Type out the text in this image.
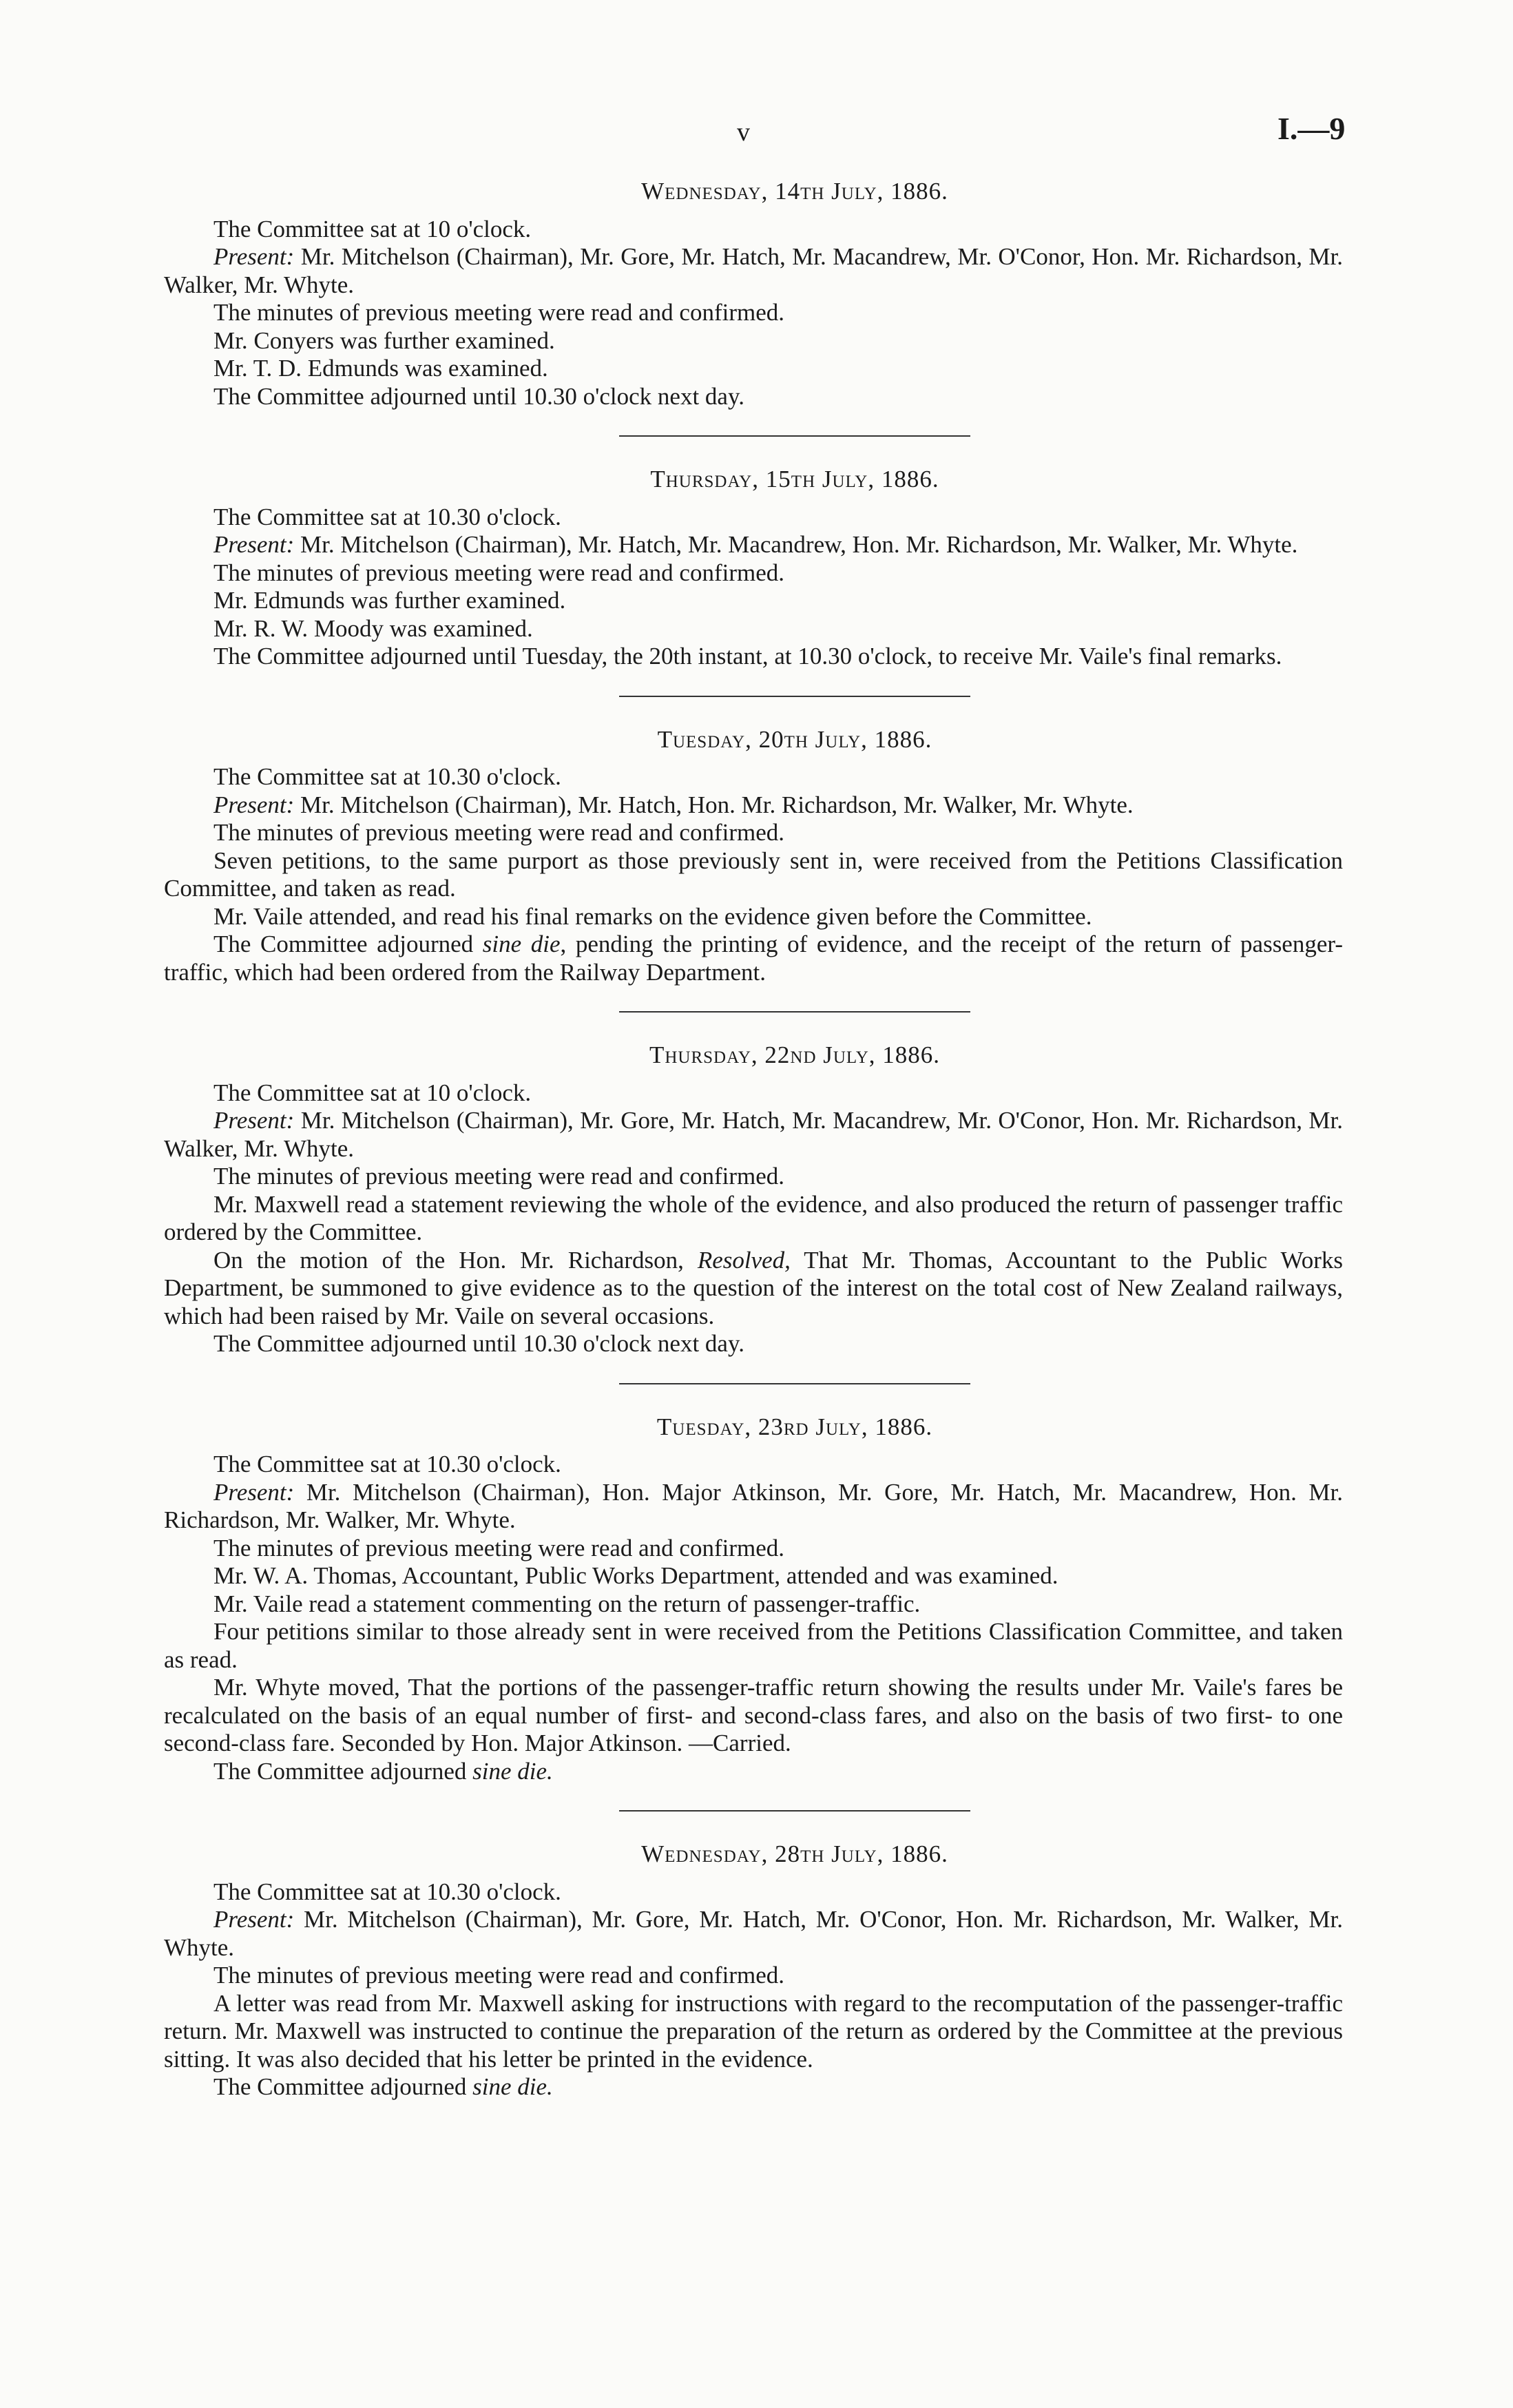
v	I.—9
Wednesday, 14th July, 1886.

The Committee sat at 10 o'clock.

Present: Mr. Mitchelson (Chairman), Mr. Gore, Mr. Hatch, Mr. Macandrew, Mr. O'Conor, Hon. Mr. Richardson, Mr. Walker, Mr. Whyte.

The minutes of previous meeting were read and confirmed.

Mr. Conyers was further examined.

Mr. T. D. Edmunds was examined.

The Committee adjourned until 10.30 o'clock next day.

Thursday, 15th July, 1886.

The Committee sat at 10.30 o'clock.

Present: Mr. Mitchelson (Chairman), Mr. Hatch, Mr. Macandrew, Hon. Mr. Richardson, Mr. Walker, Mr. Whyte.

The minutes of previous meeting were read and confirmed.

Mr. Edmunds was further examined.

Mr. R. W. Moody was examined.

The Committee adjourned until Tuesday, the 20th instant, at 10.30 o'clock, to receive Mr. Vaile's final remarks.

Tuesday, 20th July, 1886.

The Committee sat at 10.30 o'clock.

Present: Mr. Mitchelson (Chairman), Mr. Hatch, Hon. Mr. Richardson, Mr. Walker, Mr. Whyte.

The minutes of previous meeting were read and confirmed.

Seven petitions, to the same purport as those previously sent in, were received from the Petitions Classification Committee, and taken as read.

Mr. Vaile attended, and read his final remarks on the evidence given before the Committee.

The Committee adjourned sine die, pending the printing of evidence, and the receipt of the return of passenger-traffic, which had been ordered from the Railway Department.

Thursday, 22nd July, 1886.

The Committee sat at 10 o'clock.

Present: Mr. Mitchelson (Chairman), Mr. Gore, Mr. Hatch, Mr. Macandrew, Mr. O'Conor, Hon. Mr. Richardson, Mr. Walker, Mr. Whyte.

The minutes of previous meeting were read and confirmed.

Mr. Maxwell read a statement reviewing the whole of the evidence, and also produced the return of passenger traffic ordered by the Committee.

On the motion of the Hon. Mr. Richardson, Resolved, That Mr. Thomas, Accountant to the Public Works Department, be summoned to give evidence as to the question of the interest on the total cost of New Zealand railways, which had been raised by Mr. Vaile on several occasions.

The Committee adjourned until 10.30 o'clock next day.

Tuesday, 23rd July, 1886.

The Committee sat at 10.30 o'clock.

Present: Mr. Mitchelson (Chairman), Hon. Major Atkinson, Mr. Gore, Mr. Hatch, Mr. Macandrew, Hon. Mr. Richardson, Mr. Walker, Mr. Whyte.

The minutes of previous meeting were read and confirmed.

Mr. W. A. Thomas, Accountant, Public Works Department, attended and was examined.

Mr. Vaile read a statement commenting on the return of passenger-traffic.

Four petitions similar to those already sent in were received from the Petitions Classification Committee, and taken as read.

Mr. Whyte moved, That the portions of the passenger-traffic return showing the results under Mr. Vaile's fares be recalculated on the basis of an equal number of first- and second-class fares, and also on the basis of two first- to one second-class fare. Seconded by Hon. Major Atkinson. —Carried.

The Committee adjourned sine die.

Wednesday, 28th July, 1886.

The Committee sat at 10.30 o'clock.

Present: Mr. Mitchelson (Chairman), Mr. Gore, Mr. Hatch, Mr. O'Conor, Hon. Mr. Richardson, Mr. Walker, Mr. Whyte.

The minutes of previous meeting were read and confirmed.

A letter was read from Mr. Maxwell asking for instructions with regard to the recomputation of the passenger-traffic return. Mr. Maxwell was instructed to continue the preparation of the return as ordered by the Committee at the previous sitting. It was also decided that his letter be printed in the evidence.

The Committee adjourned sine die.
